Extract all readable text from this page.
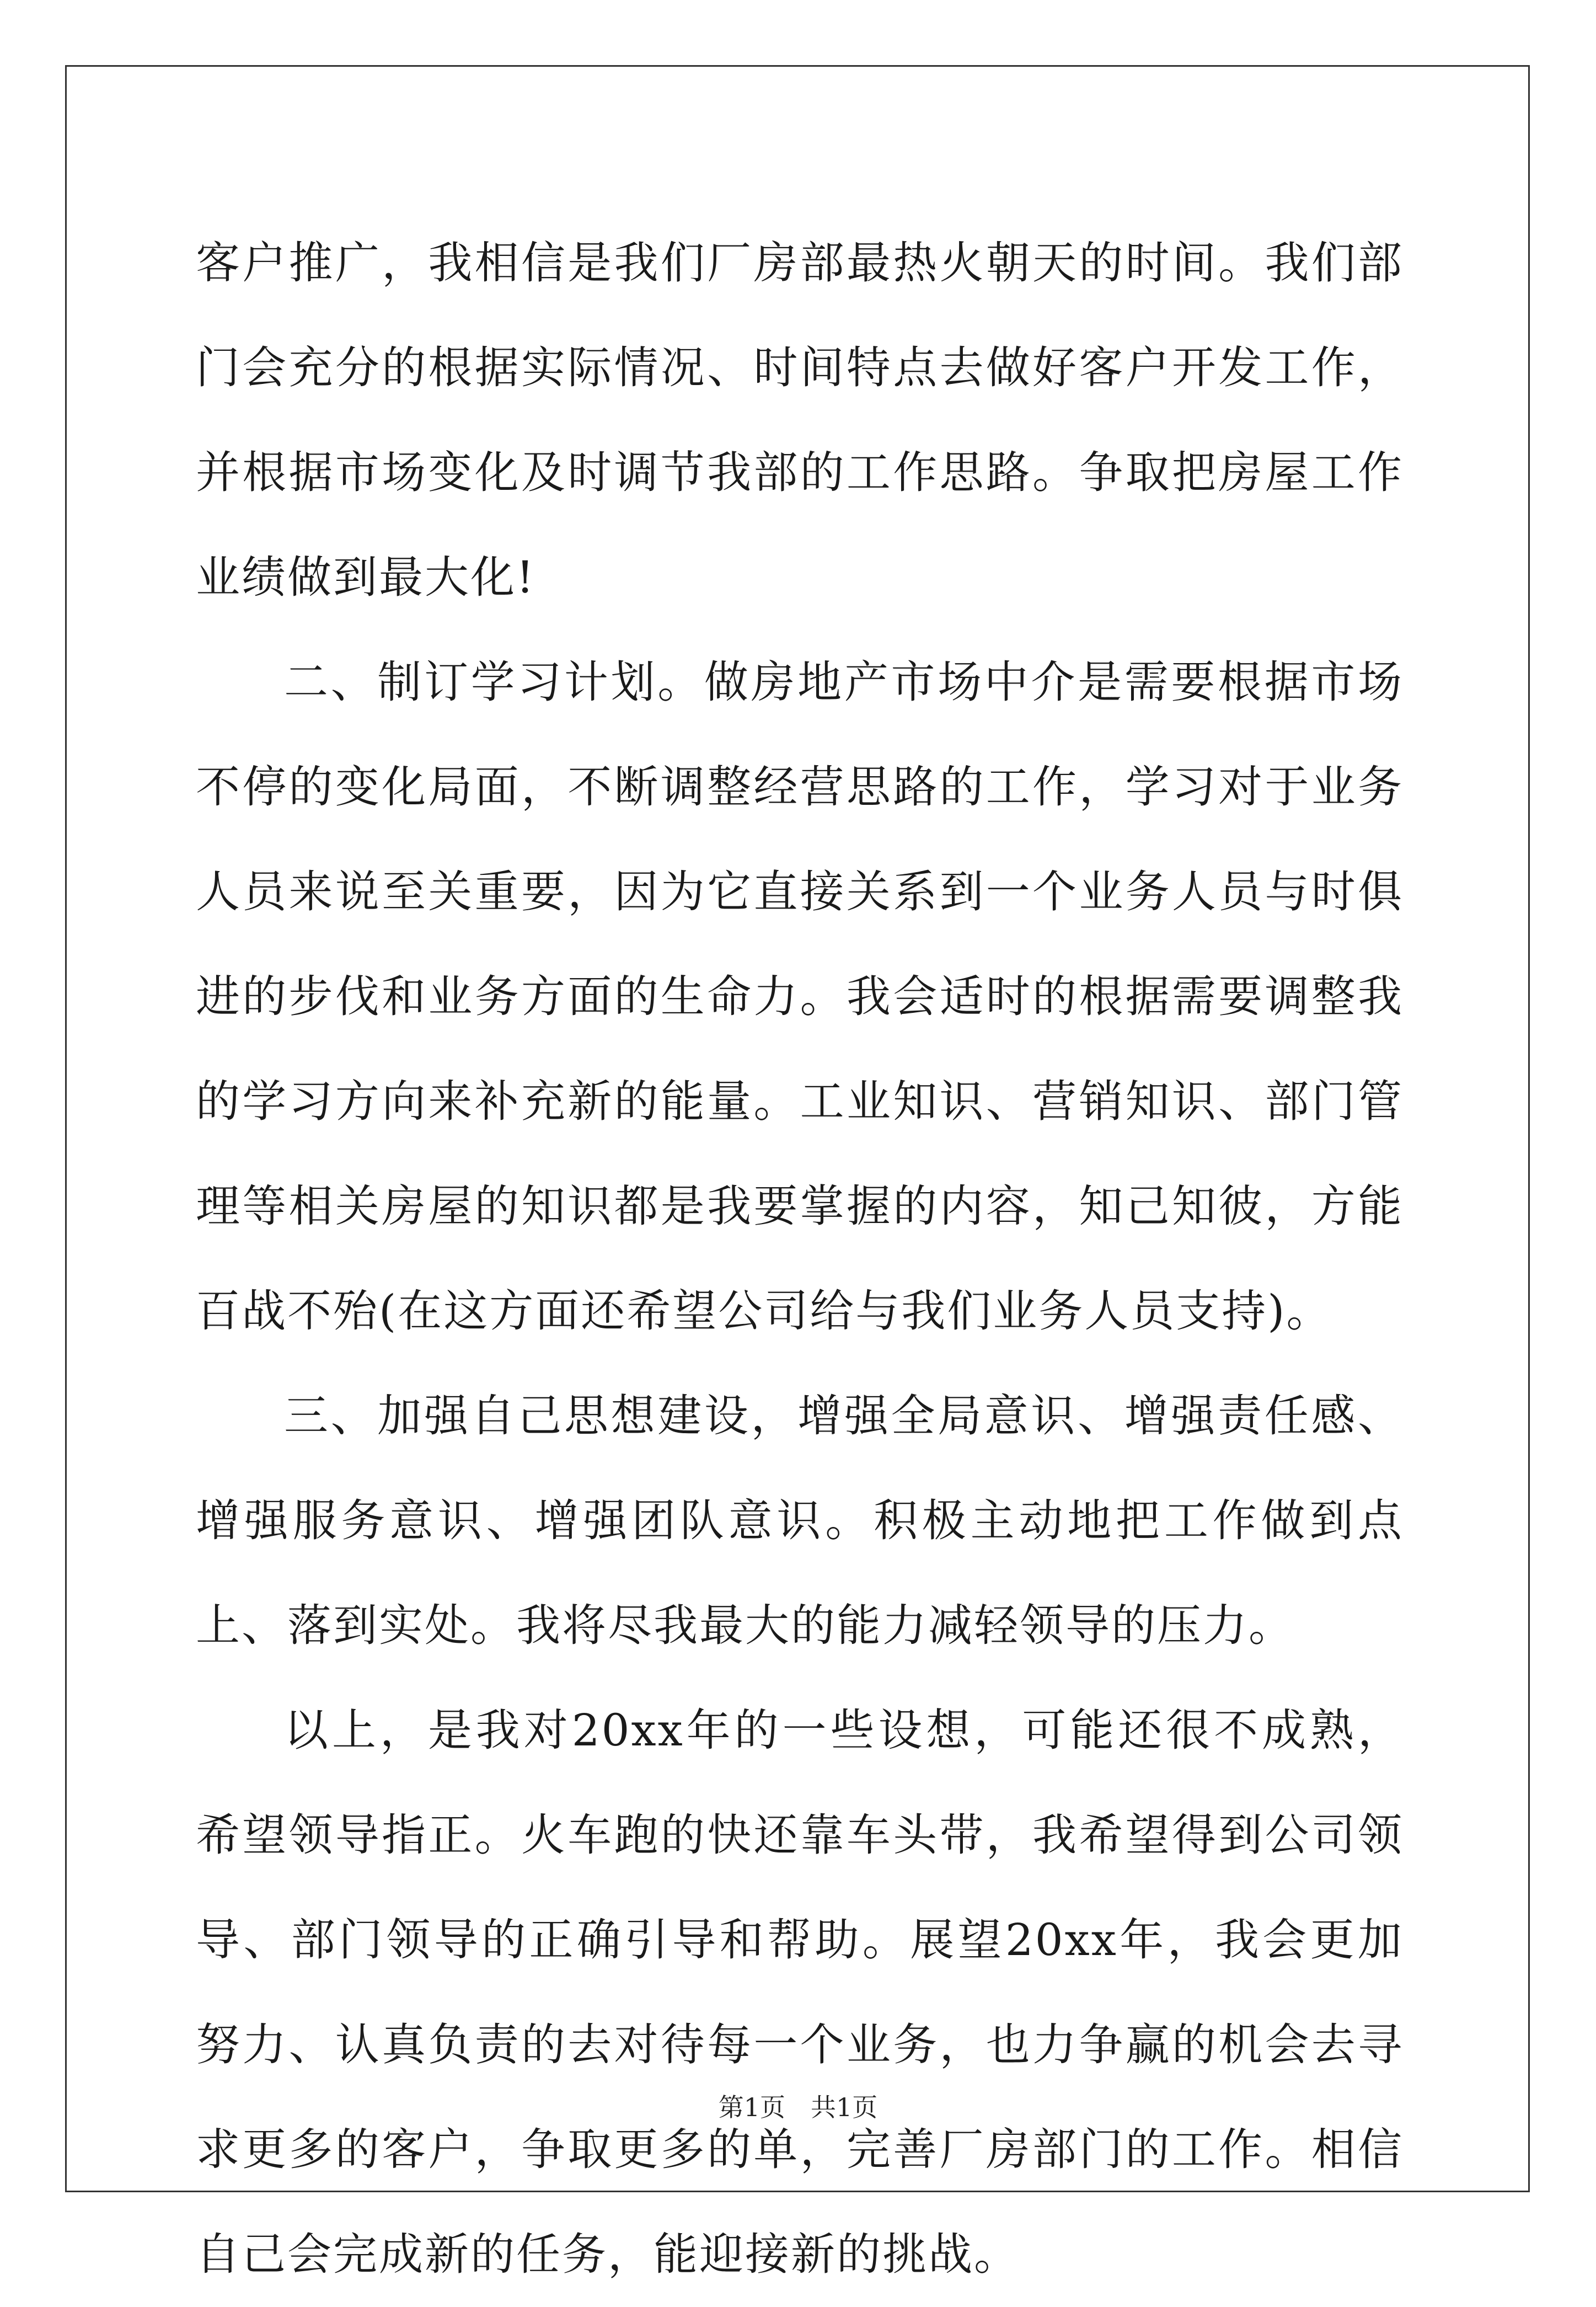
客户推广，我相信是我们厂房部最热火朝天的时间。我们部门会充分的根据实际情况、时间特点去做好客户开发工作，并根据市场变化及时调节我部的工作思路。争取把房屋工作业绩做到最大化!

二、制订学习计划。做房地产市场中介是需要根据市场不停的变化局面，不断调整经营思路的工作，学习对于业务人员来说至关重要，因为它直接关系到一个业务人员与时俱进的步伐和业务方面的生命力。我会适时的根据需要调整我的学习方向来补充新的能量。工业知识、营销知识、部门管理等相关房屋的知识都是我要掌握的内容，知己知彼，方能百战不殆(在这方面还希望公司给与我们业务人员支持)。

三、加强自己思想建设，增强全局意识、增强责任感、增强服务意识、增强团队意识。积极主动地把工作做到点上、落到实处。我将尽我最大的能力减轻领导的压力。

以上，是我对20xx年的一些设想，可能还很不成熟，希望领导指正。火车跑的快还靠车头带，我希望得到公司领导、部门领导的正确引导和帮助。展望20xx年，我会更加努力、认真负责的去对待每一个业务，也力争赢的机会去寻求更多的客户，争取更多的单，完善厂房部门的工作。相信自己会完成新的任务，能迎接新的挑战。

第1页 共1页
